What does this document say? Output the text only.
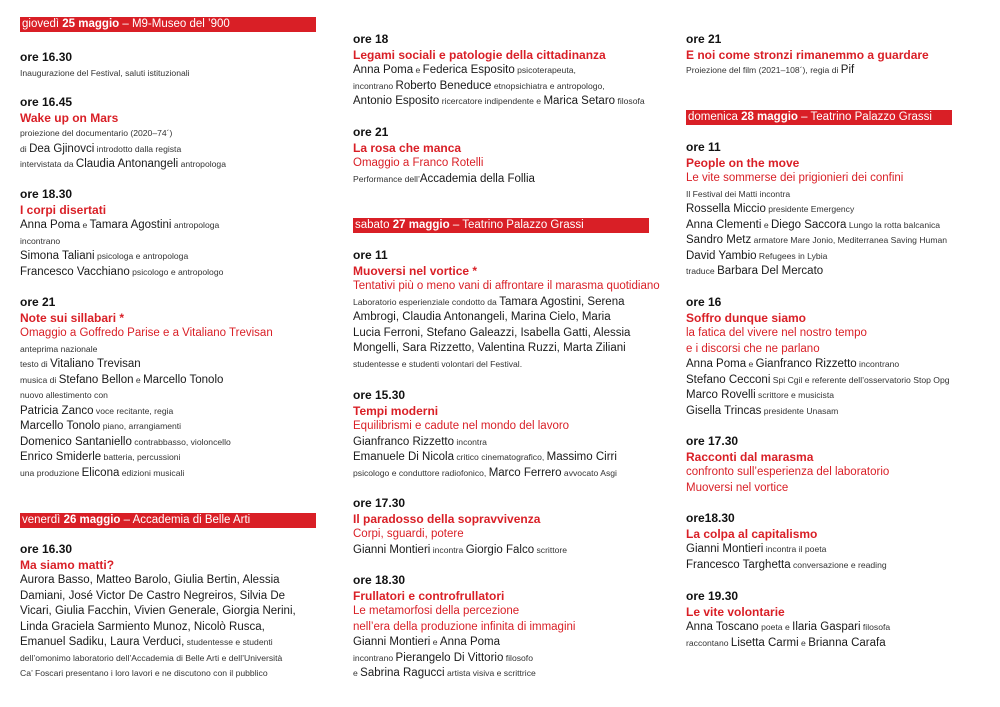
giovedì 25 maggio – M9-Museo del ’900
ore 16.30
Inaugurazione del Festival, saluti istituzionali
ore 16.45
Wake up on Mars
proiezione del documentario (2020–74´)
di Dea Gjinovci introdotto dalla regista
intervistata da Claudia Antonangeli antropologa
ore 18.30
I corpi disertati
Anna Poma e Tamara Agostini antropologa
incontrano
Simona Taliani psicologa e antropologa
Francesco Vacchiano psicologo e antropologo
ore 21
Note sui sillabari *
Omaggio a Goffredo Parise e a Vitaliano Trevisan
anteprima nazionale
testo di Vitaliano Trevisan
musica di Stefano Bellon e Marcello Tonolo
nuovo allestimento con
Patricia Zanco voce recitante, regia
Marcello Tonolo piano, arrangiamenti
Domenico Santaniello contrabbasso, violoncello
Enrico Smiderle batteria, percussioni
una produzione Elicona edizioni musicali
venerdì 26 maggio – Accademia di Belle Arti
ore 16.30
Ma siamo matti?
Aurora Basso, Matteo Barolo, Giulia Bertin, Alessia
Damiani, José Victor De Castro Negreiros, Silvia De
Vicari, Giulia Facchin, Vivien Generale, Giorgia Nerini,
Linda Graciela Sarmiento Munoz, Nicolò Rusca,
Emanuel Sadiku, Laura Verduci, studentesse e studenti
dell’omonimo laboratorio dell’Accademia di Belle Arti e dell’Università
Ca’ Foscari presentano i loro lavori e ne discutono con il pubblico
ore 18
Legami sociali e patologie della cittadinanza
Anna Poma e Federica Esposito psicoterapeuta,
incontrano Roberto Beneduce etnopsichiatra e antropologo,
Antonio Esposito ricercatore indipendente e Marica Setaro filosofa
ore 21
La rosa che manca
Omaggio a Franco Rotelli
Performance dell’Accademia della Follia
sabato 27 maggio – Teatrino Palazzo Grassi
ore 11
Muoversi nel vortice *
Tentativi più o meno vani di affrontare il marasma quotidiano
Laboratorio esperienziale condotto da Tamara Agostini, Serena
Ambrogi, Claudia Antonangeli, Marina Cielo, Maria
Lucia Ferroni, Stefano Galeazzi, Isabella Gatti, Alessia
Mongelli, Sara Rizzetto, Valentina Ruzzi, Marta Ziliani
studentesse e studenti volontari del Festival.
ore 15.30
Tempi moderni
Equilibrismi e cadute nel mondo del lavoro
Gianfranco Rizzetto incontra
Emanuele Di Nicola critico cinematografico, Massimo Cirri
psicologo e conduttore radiofonico, Marco Ferrero avvocato Asgi
ore 17.30
Il paradosso della sopravvivenza
Corpi, sguardi, potere
Gianni Montieri incontra Giorgio Falco scrittore
ore 18.30
Frullatori e controfrullatori
Le metamorfosi della percezione
nell’era della produzione infinita di immagini
Gianni Montieri e Anna Poma
incontrano Pierangelo Di Vittorio filosofo
e Sabrina Ragucci artista visiva e scrittrice
ore 21
E noi come stronzi rimanemmo a guardare
Proiezione del film (2021–108´), regia di Pif
domenica 28 maggio – Teatrino Palazzo Grassi
ore 11
People on the move
Le vite sommerse dei prigionieri dei confini
Il Festival dei Matti incontra
Rossella Miccio presidente Emergency
Anna Clementi e Diego Saccora Lungo la rotta balcanica
Sandro Metz armatore Mare Jonio, Mediterranea Saving Human
David Yambio Refugees in Lybia
traduce Barbara Del Mercato
ore 16
Soffro dunque siamo
la fatica del vivere nel nostro tempo
e i discorsi che ne parlano
Anna Poma e Gianfranco Rizzetto incontrano
Stefano Cecconi Spi Cgil e referente dell’osservatorio Stop Opg
Marco Rovelli scrittore e musicista
Gisella Trincas presidente Unasam
ore 17.30
Racconti dal marasma
confronto sull’esperienza del laboratorio
Muoversi nel vortice
ore18.30
La colpa al capitalismo
Gianni Montieri incontra il poeta
Francesco Targhetta conversazione e reading
ore 19.30
Le vite volontarie
Anna Toscano poeta e Ilaria Gaspari filosofa
raccontano Lisetta Carmi e Brianna Carafa
